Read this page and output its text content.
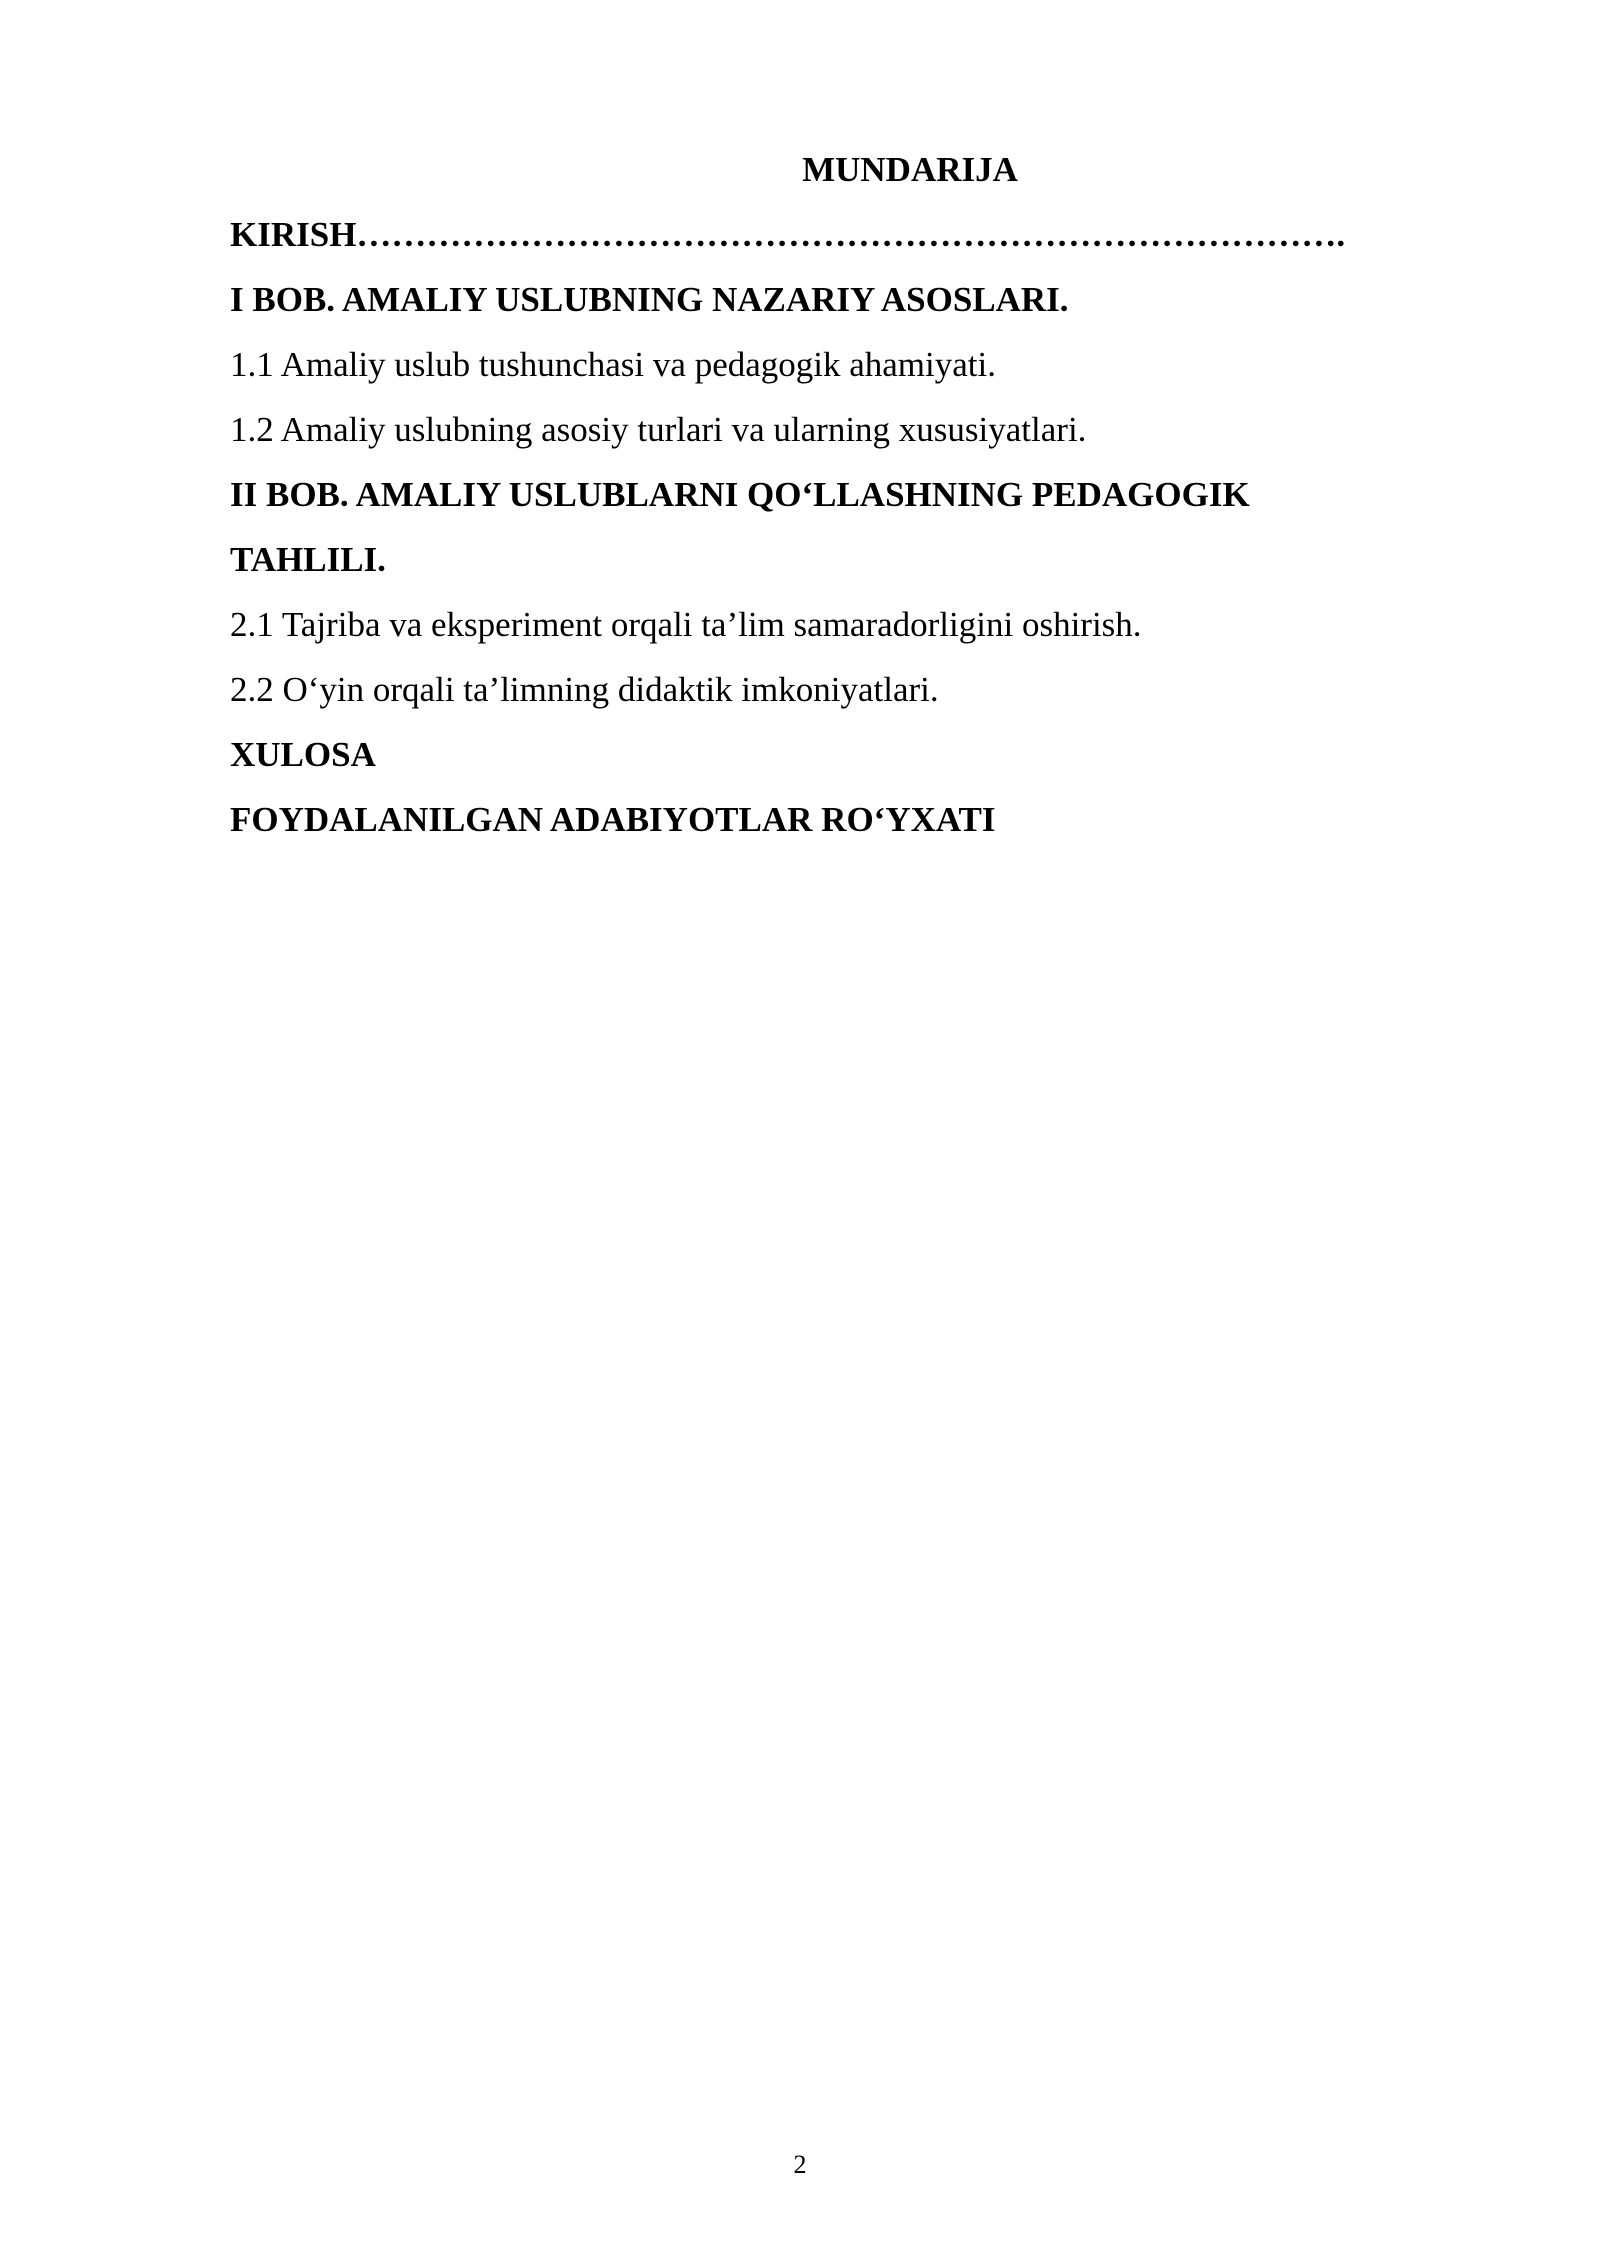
MUNDARIJA
KIRISH………………………………………………………………………….
I BOB. AMALIY USLUBNING NAZARIY ASOSLARI.
1.1 Amaliy uslub tushunchasi va pedagogik ahamiyati.
1.2 Amaliy uslubning asosiy turlari va ularning xususiyatlari.
II BOB. AMALIY USLUBLARNI QO‘LLASHNING PEDAGOGIK
TAHLILI.
2.1 Tajriba va eksperiment orqali ta’lim samaradorligini oshirish.
2.2 O‘yin orqali ta’limning didaktik imkoniyatlari.
XULOSA
FOYDALANILGAN ADABIYOTLAR RO‘YXATI
2
